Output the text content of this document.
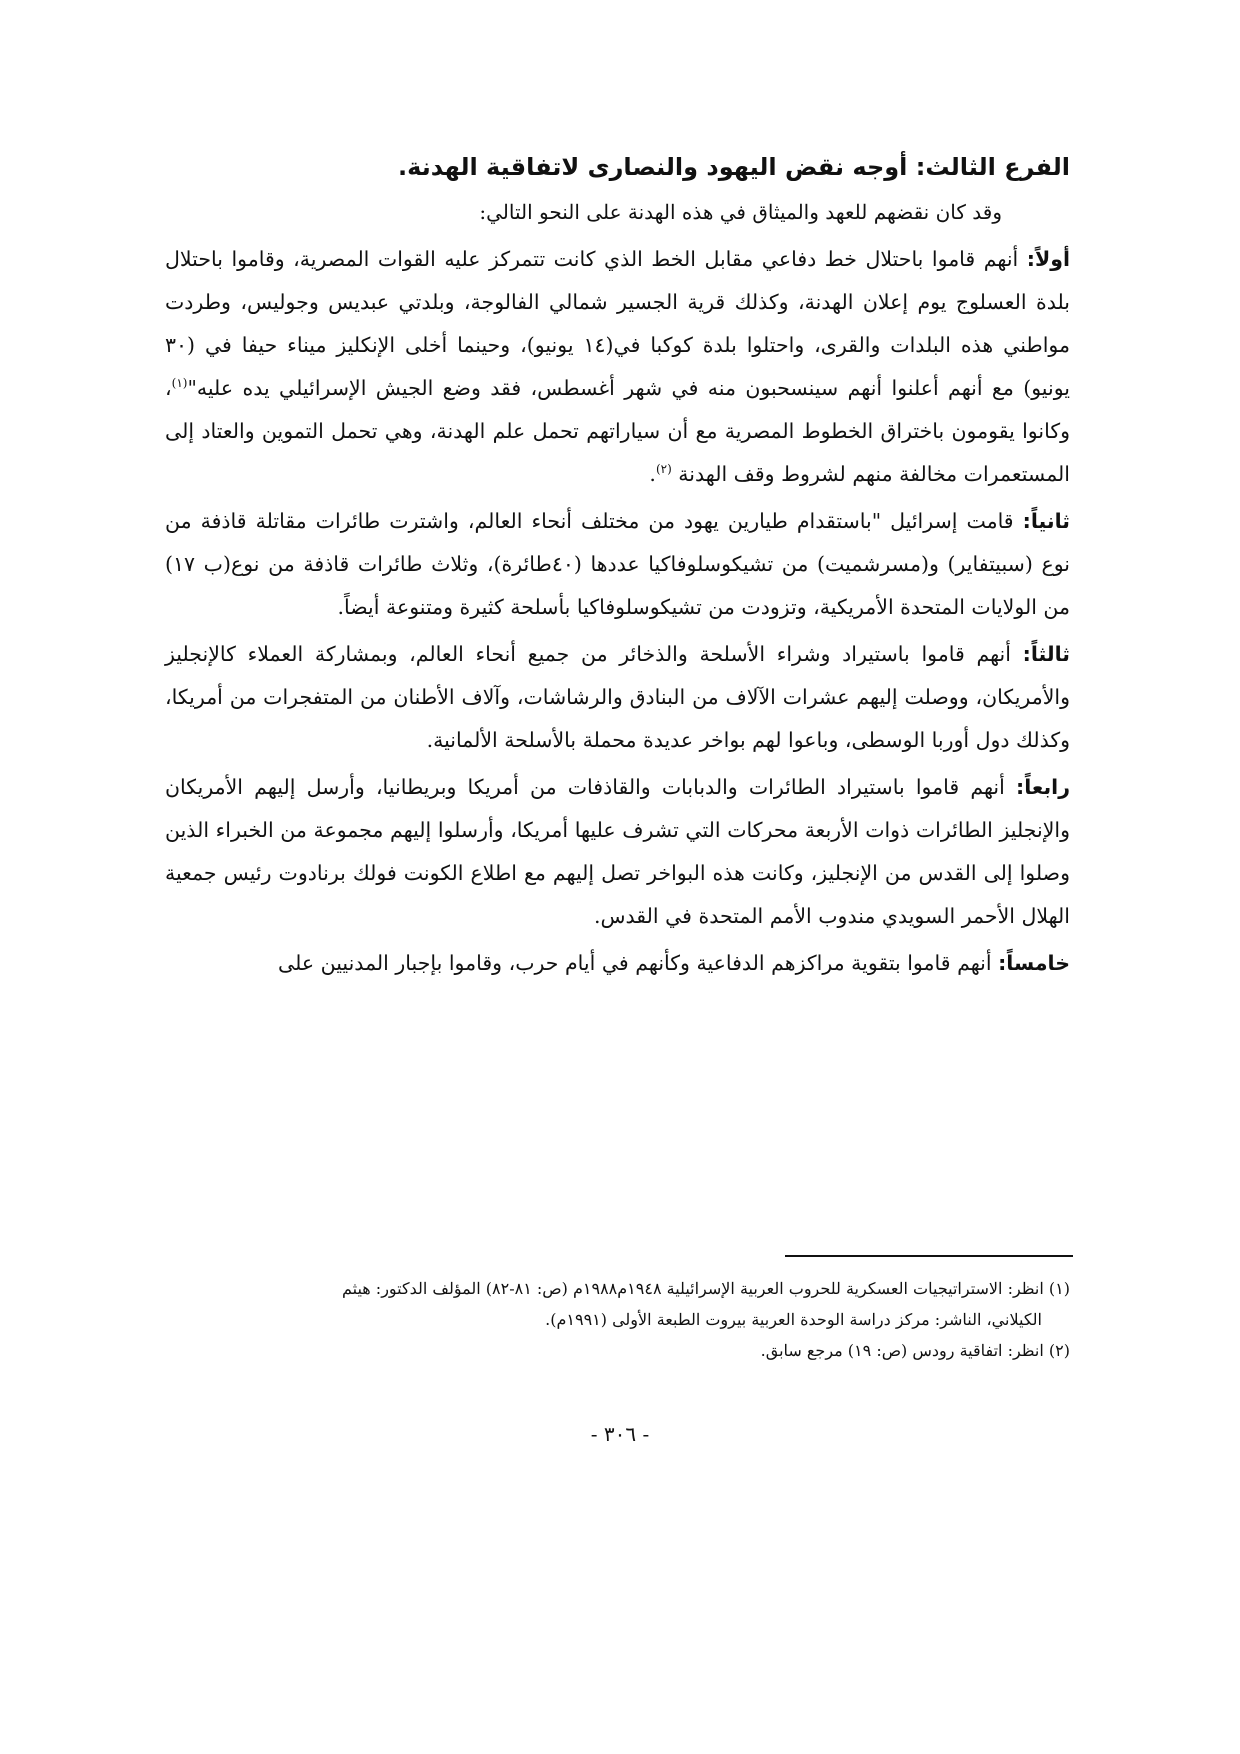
الفرع الثالث: أوجه نقض اليهود والنصارى لاتفاقية الهدنة.

وقد كان نقضهم للعهد والميثاق في هذه الهدنة على النحو التالي:

أولاً: أنهم قاموا باحتلال خط دفاعي مقابل الخط الذي كانت تتمركز عليه القوات المصرية، وقاموا باحتلال بلدة العسلوج يوم إعلان الهدنة، وكذلك قرية الجسير شمالي الفالوجة، وبلدتي عبديس وجوليس، وطردت مواطني هذه البلدات والقرى، واحتلوا بلدة كوكبا في(١٤ يونيو)، وحينما أخلى الإنكليز ميناء حيفا في (٣٠ يونيو) مع أنهم أعلنوا أنهم سينسحبون منه في شهر أغسطس، فقد وضع الجيش الإسرائيلي يده عليه"$^{(١)}$، وكانوا يقومون باختراق الخطوط المصرية مع أن سياراتهم تحمل علم الهدنة، وهي تحمل التموين والعتاد إلى المستعمرات مخالفة منهم لشروط وقف الهدنة $^{(٢)}$.

ثانياً: قامت إسرائيل "باستقدام طيارين يهود من مختلف أنحاء العالم، واشترت طائرات مقاتلة قاذفة من نوع (سبيتفاير) و(مسرشميت) من تشيكوسلوفاكيا عددها (٤٠طائرة)، وثلاث طائرات قاذفة من نوع(ب ١٧) من الولايات المتحدة الأمريكية، وتزودت من تشيكوسلوفاكيا بأسلحة كثيرة ومتنوعة أيضاً.

ثالثاً: أنهم قاموا باستيراد وشراء الأسلحة والذخائر من جميع أنحاء العالم، وبمشاركة العملاء كالإنجليز والأمريكان، ووصلت إليهم عشرات الآلاف من البنادق والرشاشات، وآلاف الأطنان من المتفجرات من أمريكا، وكذلك دول أوربا الوسطى، وباعوا لهم بواخر عديدة محملة بالأسلحة الألمانية.

رابعاً: أنهم قاموا باستيراد الطائرات والدبابات والقاذفات من أمريكا وبريطانيا، وأرسل إليهم الأمريكان والإنجليز الطائرات ذوات الأربعة محركات التي تشرف عليها أمريكا، وأرسلوا إليهم مجموعة من الخبراء الذين وصلوا إلى القدس من الإنجليز، وكانت هذه البواخر تصل إليهم مع اطلاع الكونت فولك برنادوت رئيس جمعية الهلال الأحمر السويدي مندوب الأمم المتحدة في القدس.

خامساً: أنهم قاموا بتقوية مراكزهم الدفاعية وكأنهم في أيام حرب، وقاموا بإجبار المدنيين على

(١) انظر: الاستراتيجيات العسكرية للحروب العربية الإسرائيلية ١٩٤٨م١٩٨٨م (ص: ٨١-٨٢) المؤلف الدكتور: هيثم
الكيلاني، الناشر: مركز دراسة الوحدة العربية بيروت الطبعة الأولى (١٩٩١م).

(٢) انظر: اتفاقية رودس (ص: ١٩) مرجع سابق.

- ٣٠٦ -
